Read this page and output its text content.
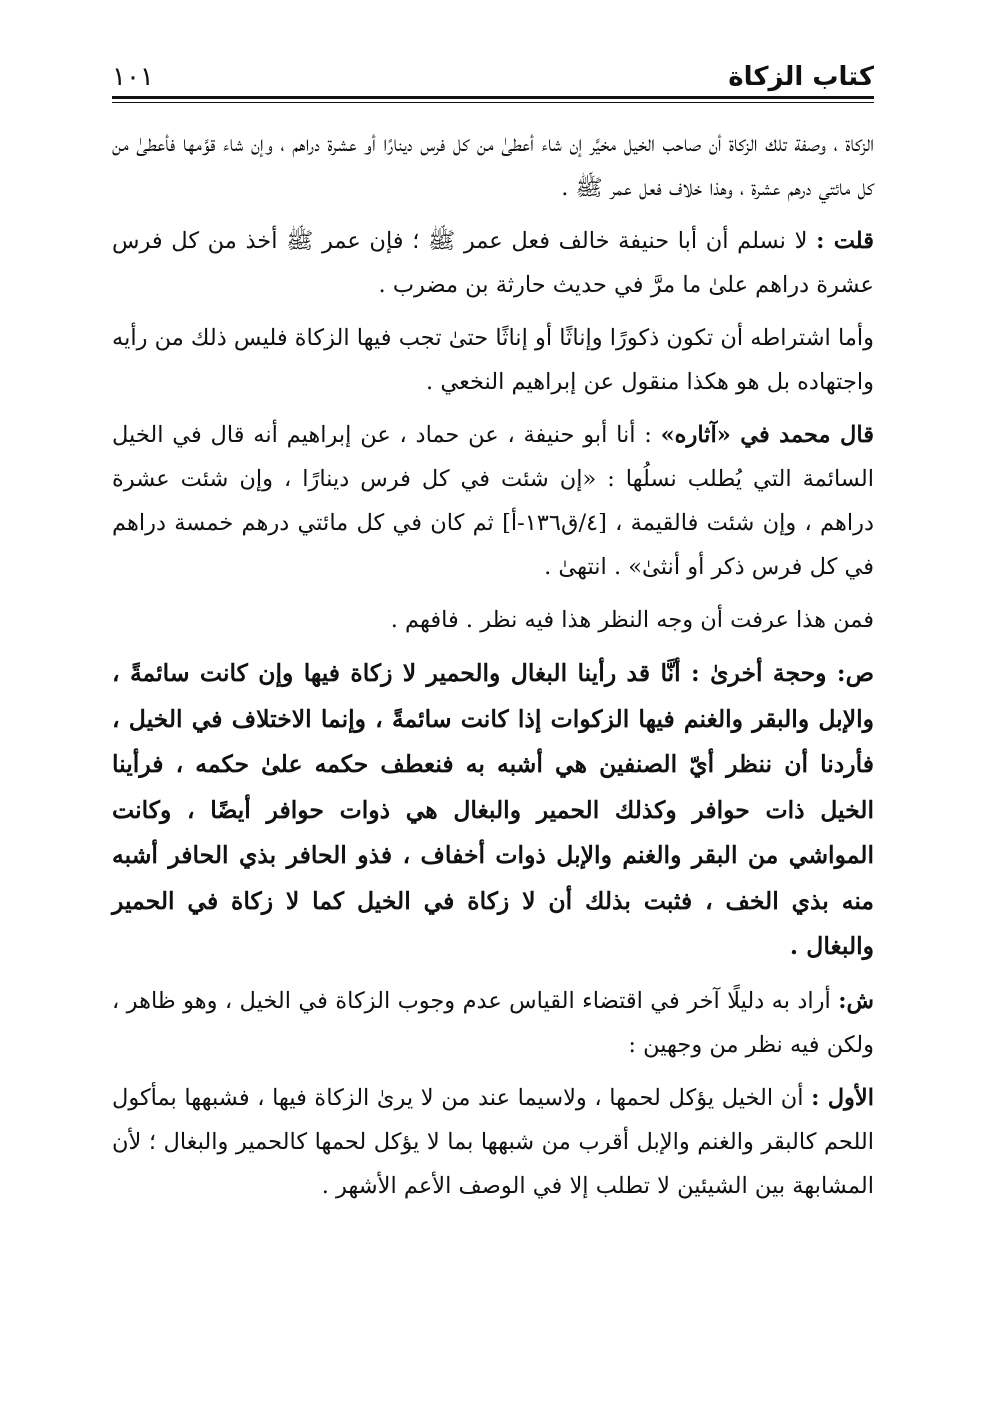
كتاب الزكاة
١٠١

الزكاة ، وصفة تلك الزكاة أن صاحب الخيل مخيَّر إن شاء أعطىٰ من كل فرس دينارًا أو عشرة دراهم ، وإن شاء قوَّمها فأعطىٰ من كل مائتي درهم عشرة ، وهذا خلاف فعل عمر ﷺ .

قلت : لا نسلم أن أبا حنيفة خالف فعل عمر ﷺ ؛ فإن عمر ﷺ أخذ من كل فرس عشرة دراهم علىٰ ما مرَّ في حديث حارثة بن مضرب .

وأما اشتراطه أن تكون ذكورًا وإناثًا أو إناثًا حتىٰ تجب فيها الزكاة فليس ذلك من رأيه واجتهاده بل هو هكذا منقول عن إبراهيم النخعي .

قال محمد في «آثاره» : أنا أبو حنيفة ، عن حماد ، عن إبراهيم أنه قال في الخيل السائمة التي يُطلب نسلُها : «إن شئت في كل فرس دينارًا ، وإن شئت عشرة دراهم ، وإن شئت فالقيمة ، [٤/ق١٣٦-أ] ثم كان في كل مائتي درهم خمسة دراهم في كل فرس ذكر أو أنثىٰ» . انتهىٰ .

فمن هذا عرفت أن وجه النظر هذا فيه نظر . فافهم .

ص: وحجة أخرىٰ : أنَّا قد رأينا البغال والحمير لا زكاة فيها وإن كانت سائمةً ، والإبل والبقر والغنم فيها الزكوات إذا كانت سائمةً ، وإنما الاختلاف في الخيل ، فأردنا أن ننظر أيّ الصنفين هي أشبه به فنعطف حكمه علىٰ حكمه ، فرأينا الخيل ذات حوافر وكذلك الحمير والبغال هي ذوات حوافر أيضًا ، وكانت المواشي من البقر والغنم والإبل ذوات أخفاف ، فذو الحافر بذي الحافر أشبه منه بذي الخف ، فثبت بذلك أن لا زكاة في الخيل كما لا زكاة في الحمير والبغال .

ش: أراد به دليلًا آخر في اقتضاء القياس عدم وجوب الزكاة في الخيل ، وهو ظاهر ، ولكن فيه نظر من وجهين :

الأول : أن الخيل يؤكل لحمها ، ولاسيما عند من لا يرىٰ الزكاة فيها ، فشبهها بمأكول اللحم كالبقر والغنم والإبل أقرب من شبهها بما لا يؤكل لحمها كالحمير والبغال ؛ لأن المشابهة بين الشيئين لا تطلب إلا في الوصف الأعم الأشهر .
